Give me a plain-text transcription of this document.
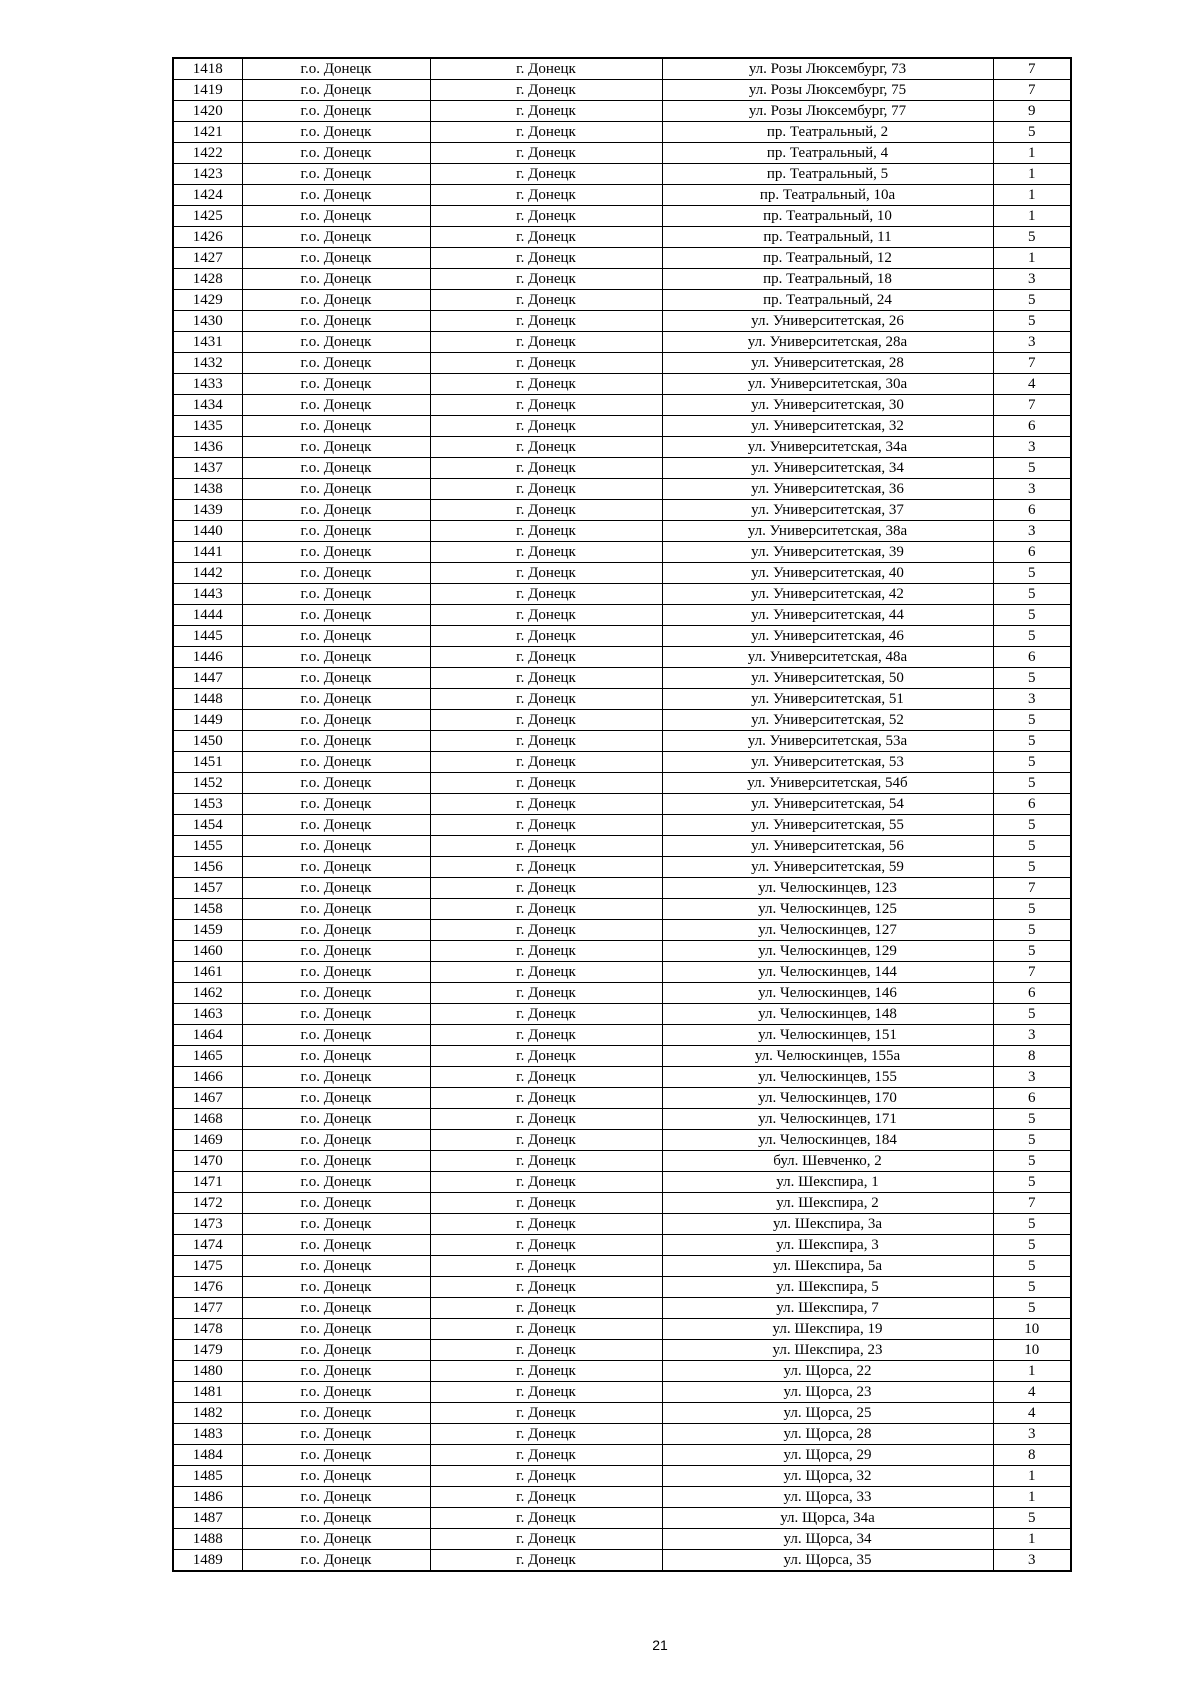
1418	г.о. Донецк	г. Донецк	ул. Розы Люксембург, 73	7
1419	г.о. Донецк	г. Донецк	ул. Розы Люксембург, 75	7
1420	г.о. Донецк	г. Донецк	ул. Розы Люксембург, 77	9
1421	г.о. Донецк	г. Донецк	пр. Театральный, 2	5
1422	г.о. Донецк	г. Донецк	пр. Театральный, 4	1
1423	г.о. Донецк	г. Донецк	пр. Театральный, 5	1
1424	г.о. Донецк	г. Донецк	пр. Театральный, 10а	1
1425	г.о. Донецк	г. Донецк	пр. Театральный, 10	1
1426	г.о. Донецк	г. Донецк	пр. Театральный, 11	5
1427	г.о. Донецк	г. Донецк	пр. Театральный, 12	1
1428	г.о. Донецк	г. Донецк	пр. Театральный, 18	3
1429	г.о. Донецк	г. Донецк	пр. Театральный, 24	5
1430	г.о. Донецк	г. Донецк	ул. Университетская, 26	5
1431	г.о. Донецк	г. Донецк	ул. Университетская, 28а	3
1432	г.о. Донецк	г. Донецк	ул. Университетская, 28	7
1433	г.о. Донецк	г. Донецк	ул. Университетская, 30а	4
1434	г.о. Донецк	г. Донецк	ул. Университетская, 30	7
1435	г.о. Донецк	г. Донецк	ул. Университетская, 32	6
1436	г.о. Донецк	г. Донецк	ул. Университетская, 34а	3
1437	г.о. Донецк	г. Донецк	ул. Университетская, 34	5
1438	г.о. Донецк	г. Донецк	ул. Университетская, 36	3
1439	г.о. Донецк	г. Донецк	ул. Университетская, 37	6
1440	г.о. Донецк	г. Донецк	ул. Университетская, 38а	3
1441	г.о. Донецк	г. Донецк	ул. Университетская, 39	6
1442	г.о. Донецк	г. Донецк	ул. Университетская, 40	5
1443	г.о. Донецк	г. Донецк	ул. Университетская, 42	5
1444	г.о. Донецк	г. Донецк	ул. Университетская, 44	5
1445	г.о. Донецк	г. Донецк	ул. Университетская, 46	5
1446	г.о. Донецк	г. Донецк	ул. Университетская, 48а	6
1447	г.о. Донецк	г. Донецк	ул. Университетская, 50	5
1448	г.о. Донецк	г. Донецк	ул. Университетская, 51	3
1449	г.о. Донецк	г. Донецк	ул. Университетская, 52	5
1450	г.о. Донецк	г. Донецк	ул. Университетская, 53а	5
1451	г.о. Донецк	г. Донецк	ул. Университетская, 53	5
1452	г.о. Донецк	г. Донецк	ул. Университетская, 54б	5
1453	г.о. Донецк	г. Донецк	ул. Университетская, 54	6
1454	г.о. Донецк	г. Донецк	ул. Университетская, 55	5
1455	г.о. Донецк	г. Донецк	ул. Университетская, 56	5
1456	г.о. Донецк	г. Донецк	ул. Университетская, 59	5
1457	г.о. Донецк	г. Донецк	ул. Челюскинцев, 123	7
1458	г.о. Донецк	г. Донецк	ул. Челюскинцев, 125	5
1459	г.о. Донецк	г. Донецк	ул. Челюскинцев, 127	5
1460	г.о. Донецк	г. Донецк	ул. Челюскинцев, 129	5
1461	г.о. Донецк	г. Донецк	ул. Челюскинцев, 144	7
1462	г.о. Донецк	г. Донецк	ул. Челюскинцев, 146	6
1463	г.о. Донецк	г. Донецк	ул. Челюскинцев, 148	5
1464	г.о. Донецк	г. Донецк	ул. Челюскинцев, 151	3
1465	г.о. Донецк	г. Донецк	ул. Челюскинцев, 155а	8
1466	г.о. Донецк	г. Донецк	ул. Челюскинцев, 155	3
1467	г.о. Донецк	г. Донецк	ул. Челюскинцев, 170	6
1468	г.о. Донецк	г. Донецк	ул. Челюскинцев, 171	5
1469	г.о. Донецк	г. Донецк	ул. Челюскинцев, 184	5
1470	г.о. Донецк	г. Донецк	бул. Шевченко, 2	5
1471	г.о. Донецк	г. Донецк	ул. Шекспира, 1	5
1472	г.о. Донецк	г. Донецк	ул. Шекспира, 2	7
1473	г.о. Донецк	г. Донецк	ул. Шекспира, 3а	5
1474	г.о. Донецк	г. Донецк	ул. Шекспира, 3	5
1475	г.о. Донецк	г. Донецк	ул. Шекспира, 5а	5
1476	г.о. Донецк	г. Донецк	ул. Шекспира, 5	5
1477	г.о. Донецк	г. Донецк	ул. Шекспира, 7	5
1478	г.о. Донецк	г. Донецк	ул. Шекспира, 19	10
1479	г.о. Донецк	г. Донецк	ул. Шекспира, 23	10
1480	г.о. Донецк	г. Донецк	ул. Щорса, 22	1
1481	г.о. Донецк	г. Донецк	ул. Щорса, 23	4
1482	г.о. Донецк	г. Донецк	ул. Щорса, 25	4
1483	г.о. Донецк	г. Донецк	ул. Щорса, 28	3
1484	г.о. Донецк	г. Донецк	ул. Щорса, 29	8
1485	г.о. Донецк	г. Донецк	ул. Щорса, 32	1
1486	г.о. Донецк	г. Донецк	ул. Щорса, 33	1
1487	г.о. Донецк	г. Донецк	ул. Щорса, 34а	5
1488	г.о. Донецк	г. Донецк	ул. Щорса, 34	1
1489	г.о. Донецк	г. Донецк	ул. Щорса, 35	3
21
